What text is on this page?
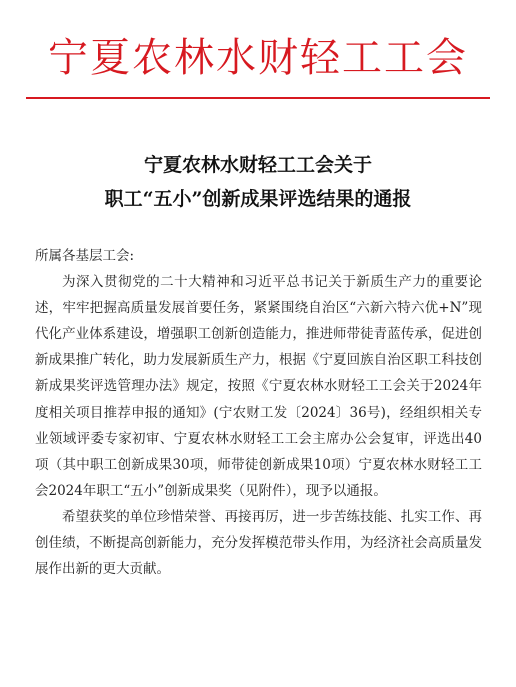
宁夏农林水财轻工工会
宁夏农林水财轻工工会关于
职工“五小”创新成果评选结果的通报
所属各基层工会:

为深入贯彻党的二十大精神和习近平总书记关于新质生产力的重要论述，牢牢把握高质量发展首要任务，紧紧围绕自治区“六新六特六优+N”现代化产业体系建设，增强职工创新创造能力，推进师带徒青蓝传承，促进创新成果推广转化，助力发展新质生产力，根据《宁夏回族自治区职工科技创新成果奖评选管理办法》规定，按照《宁夏农林水财轻工工会关于2024年度相关项目推荐申报的通知》(宁农财工发〔2024〕36号)，经组织相关专业领域评委专家初审、宁夏农林水财轻工工会主席办公会复审，评选出40项（其中职工创新成果30项，师带徒创新成果10项）宁夏农林水财轻工工会2024年职工“五小”创新成果奖（见附件），现予以通报。

希望获奖的单位珍惜荣誉、再接再厉，进一步苦练技能、扎实工作、再创佳绩，不断提高创新能力，充分发挥模范带头作用，为经济社会高质量发展作出新的更大贡献。
